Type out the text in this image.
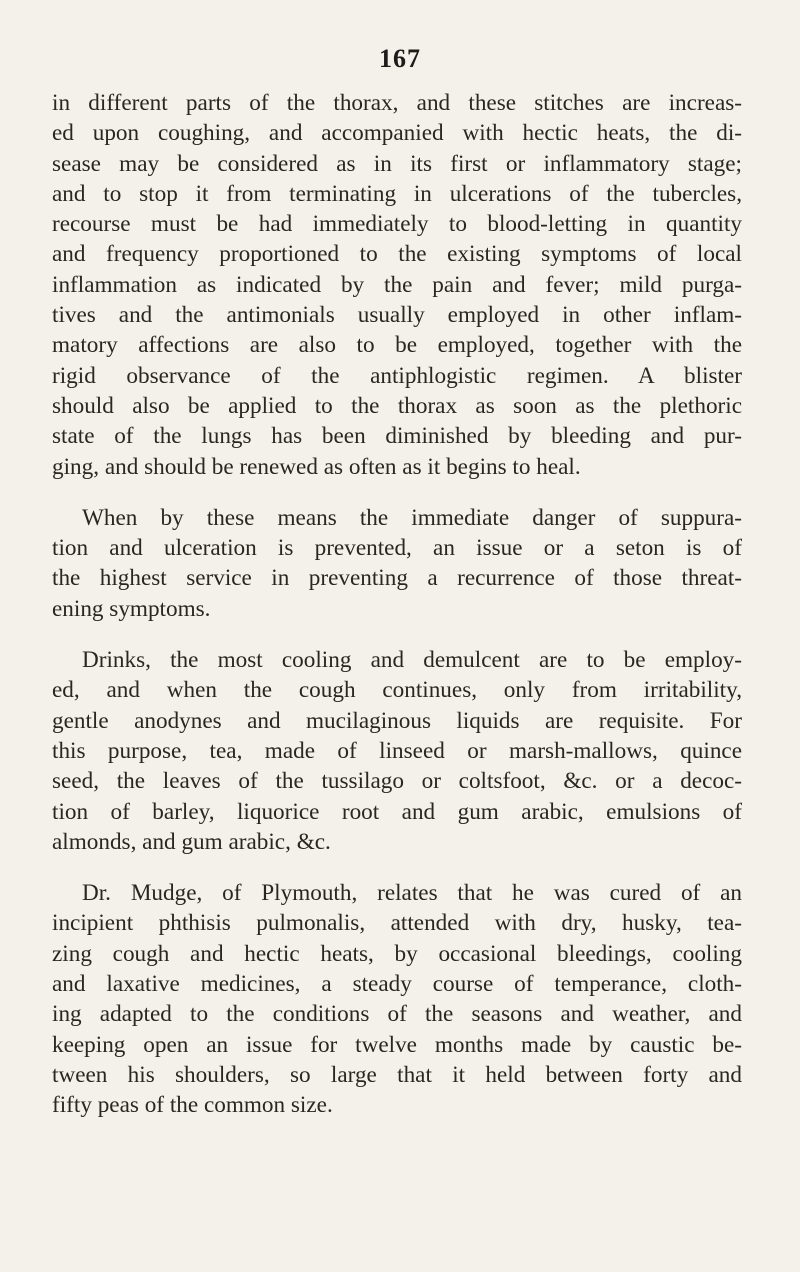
167
in different parts of the thorax, and these stitches are increas-
ed upon coughing, and accompanied with hectic heats, the di-
sease may be considered as in its first or inflammatory stage;
and to stop it from terminating in ulcerations of the tubercles,
recourse must be had immediately to blood-letting in quantity
and frequency proportioned to the existing symptoms of local
inflammation as indicated by the pain and fever; mild purga-
tives and the antimonials usually employed in other inflam-
matory affections are also to be employed, together with the
rigid observance of the antiphlogistic regimen. A blister
should also be applied to the thorax as soon as the plethoric
state of the lungs has been diminished by bleeding and pur-
ging, and should be renewed as often as it begins to heal.
When by these means the immediate danger of suppura-
tion and ulceration is prevented, an issue or a seton is of
the highest service in preventing a recurrence of those threat-
ening symptoms.
Drinks, the most cooling and demulcent are to be employ-
ed, and when the cough continues, only from irritability,
gentle anodynes and mucilaginous liquids are requisite. For
this purpose, tea, made of linseed or marsh-mallows, quince
seed, the leaves of the tussilago or coltsfoot, &c. or a decoc-
tion of barley, liquorice root and gum arabic, emulsions of
almonds, and gum arabic, &c.
Dr. Mudge, of Plymouth, relates that he was cured of an
incipient phthisis pulmonalis, attended with dry, husky, tea-
zing cough and hectic heats, by occasional bleedings, cooling
and laxative medicines, a steady course of temperance, cloth-
ing adapted to the conditions of the seasons and weather, and
keeping open an issue for twelve months made by caustic be-
tween his shoulders, so large that it held between forty and
fifty peas of the common size.
